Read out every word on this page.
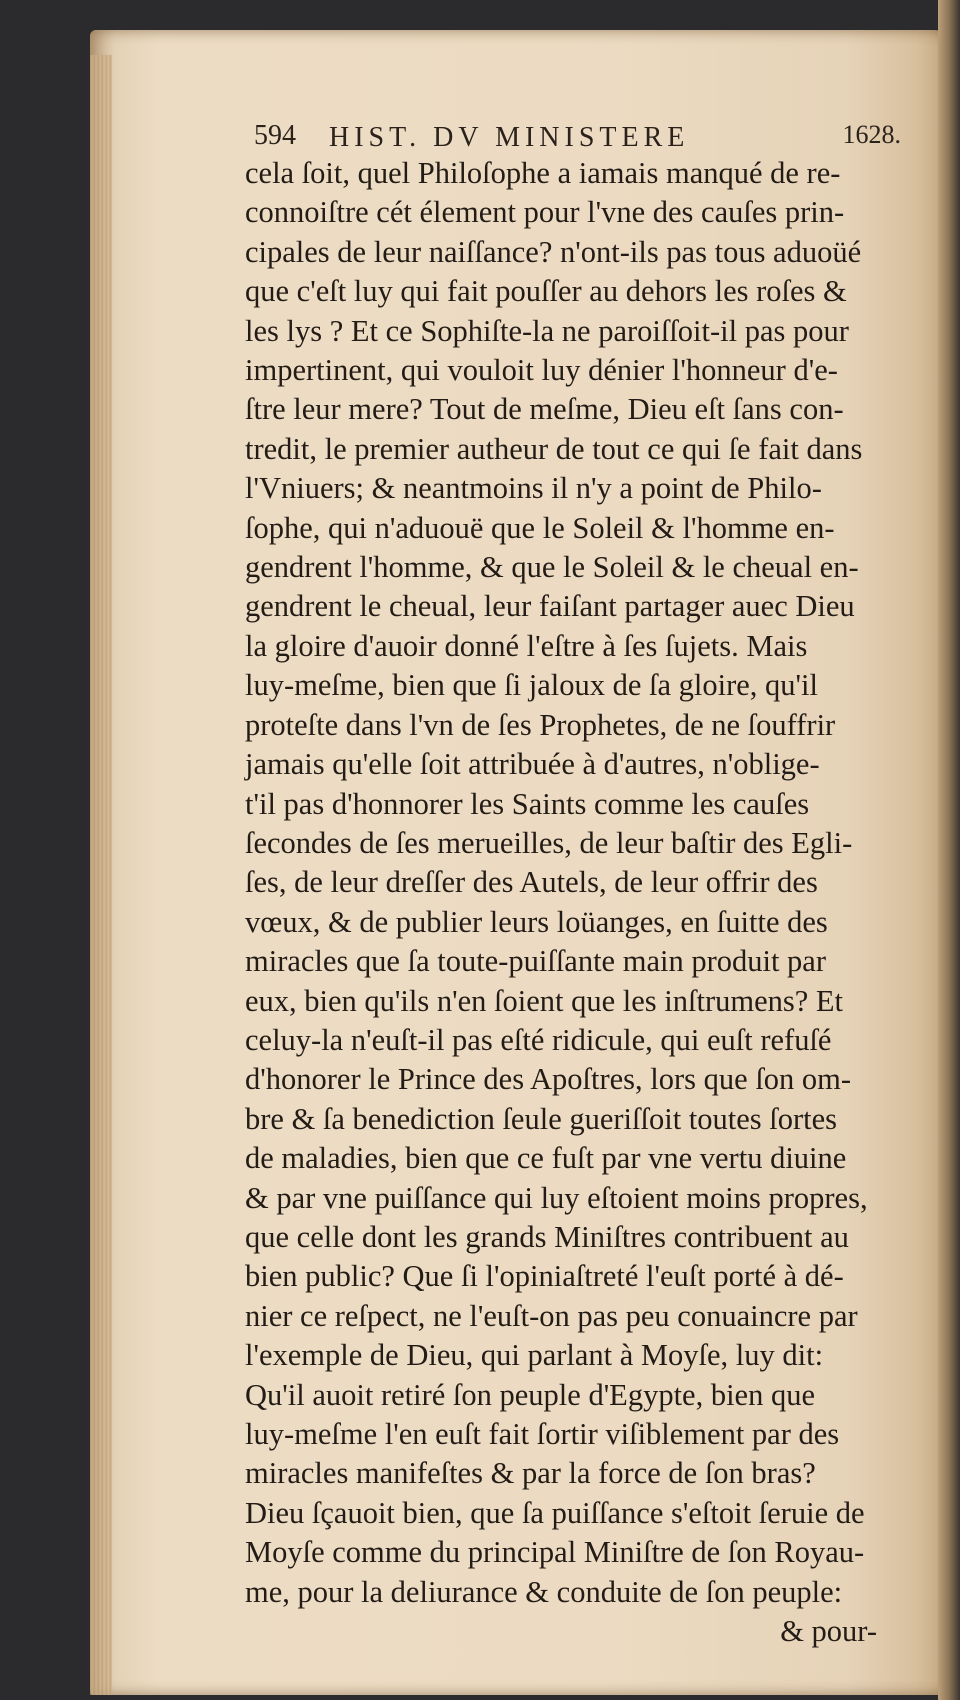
594 HIST. DV MINISTERE	1628.
cela ſoit, quel Philoſophe a iamais manqué de re-
connoiſtre cét élement pour l'vne des cauſes prin-
cipales de leur naiſſance? n'ont-ils pas tous aduoüé
que c'eſt luy qui fait pouſſer au dehors les roſes &
les lys ? Et ce Sophiſte-la ne paroiſſoit-il pas pour
impertinent, qui vouloit luy dénier l'honneur d'e-
ſtre leur mere? Tout de meſme, Dieu eſt ſans con-
tredit, le premier autheur de tout ce qui ſe fait dans
l'Vniuers; & neantmoins il n'y a point de Philo-
ſophe, qui n'aduouë que le Soleil & l'homme en-
gendrent l'homme, & que le Soleil & le cheual en-
gendrent le cheual, leur faiſant partager auec Dieu
la gloire d'auoir donné l'eſtre à ſes ſujets. Mais
luy-meſme, bien que ſi jaloux de ſa gloire, qu'il
proteſte dans l'vn de ſes Prophetes, de ne ſouffrir
jamais qu'elle ſoit attribuée à d'autres, n'oblige-
t'il pas d'honnorer les Saints comme les cauſes
ſecondes de ſes merueilles, de leur baſtir des Egli-
ſes, de leur dreſſer des Autels, de leur offrir des
vœux, & de publier leurs loüanges, en ſuitte des
miracles que ſa toute-puiſſante main produit par
eux, bien qu'ils n'en ſoient que les inſtrumens? Et
celuy-la n'euſt-il pas eſté ridicule, qui euſt refuſé
d'honorer le Prince des Apoſtres, lors que ſon om-
bre & ſa benediction ſeule gueriſſoit toutes ſortes
de maladies, bien que ce fuſt par vne vertu diuine
& par vne puiſſance qui luy eſtoient moins propres,
que celle dont les grands Miniſtres contribuent au
bien public? Que ſi l'opiniaſtreté l'euſt porté à dé-
nier ce reſpect, ne l'euſt-on pas peu conuaincre par
l'exemple de Dieu, qui parlant à Moyſe, luy dit:
Qu'il auoit retiré ſon peuple d'Egypte, bien que
luy-meſme l'en euſt fait ſortir viſiblement par des
miracles manifeſtes & par la force de ſon bras?
Dieu ſçauoit bien, que ſa puiſſance s'eſtoit ſeruie de
Moyſe comme du principal Miniſtre de ſon Royau-
me, pour la deliurance & conduite de ſon peuple:
& pour-
